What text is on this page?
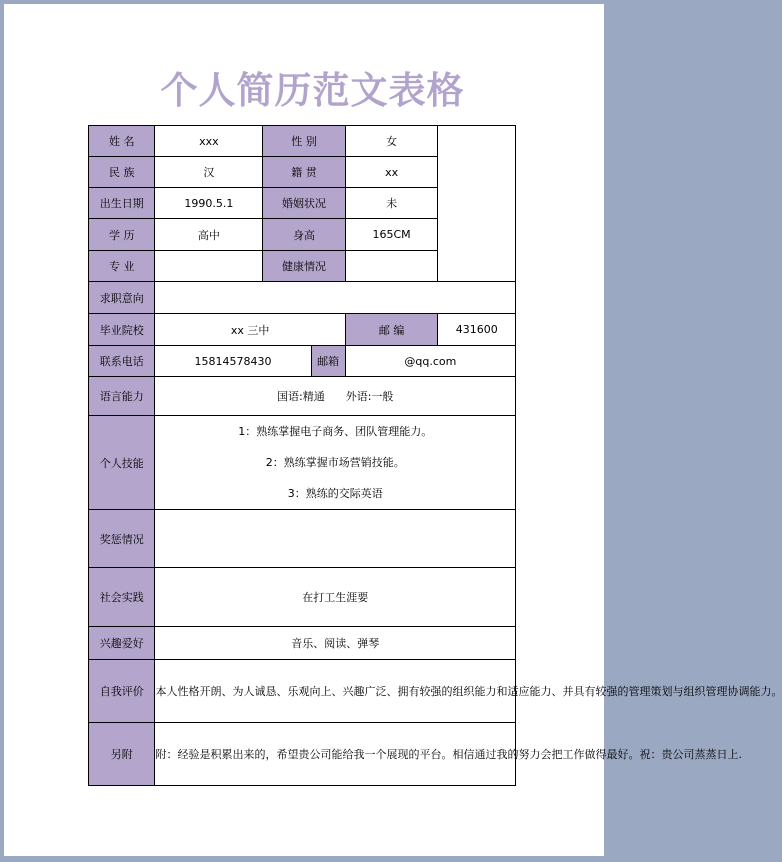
个人简历范文表格
姓 名	xxx	性 别		女	
民 族	汉	籍 贯		xx	
出生日期	1990.5.1	婚姻状况		未	
学 历	高中	身高		165CM	
专 业		健康情况			
求职意向					
毕业院校	xx 三中			邮 编	431600
联系电话	15814578430		邮箱	@qq.com	
语言能力	国语:精通      外语:一般				
个人技能	1：熟练掌握电子商务、团队管理能力。
2：熟练掌握市场营销技能。
3：熟练的交际英语				

奖惩情况					
社会实践	在打工生涯要				
兴趣爱好	音乐、阅读、弹琴				
自我评价	本人性格开朗、为人诚恳、乐观向上、兴趣广泛、拥有较强的组织能力和适应能力、并具有较强的管理策划与组织管理协调能力。				
另附	附：经验是积累出来的，希望贵公司能给我一个展现的平台。相信通过我的努力会把工作做得最好。祝：贵公司蒸蒸日上.				
